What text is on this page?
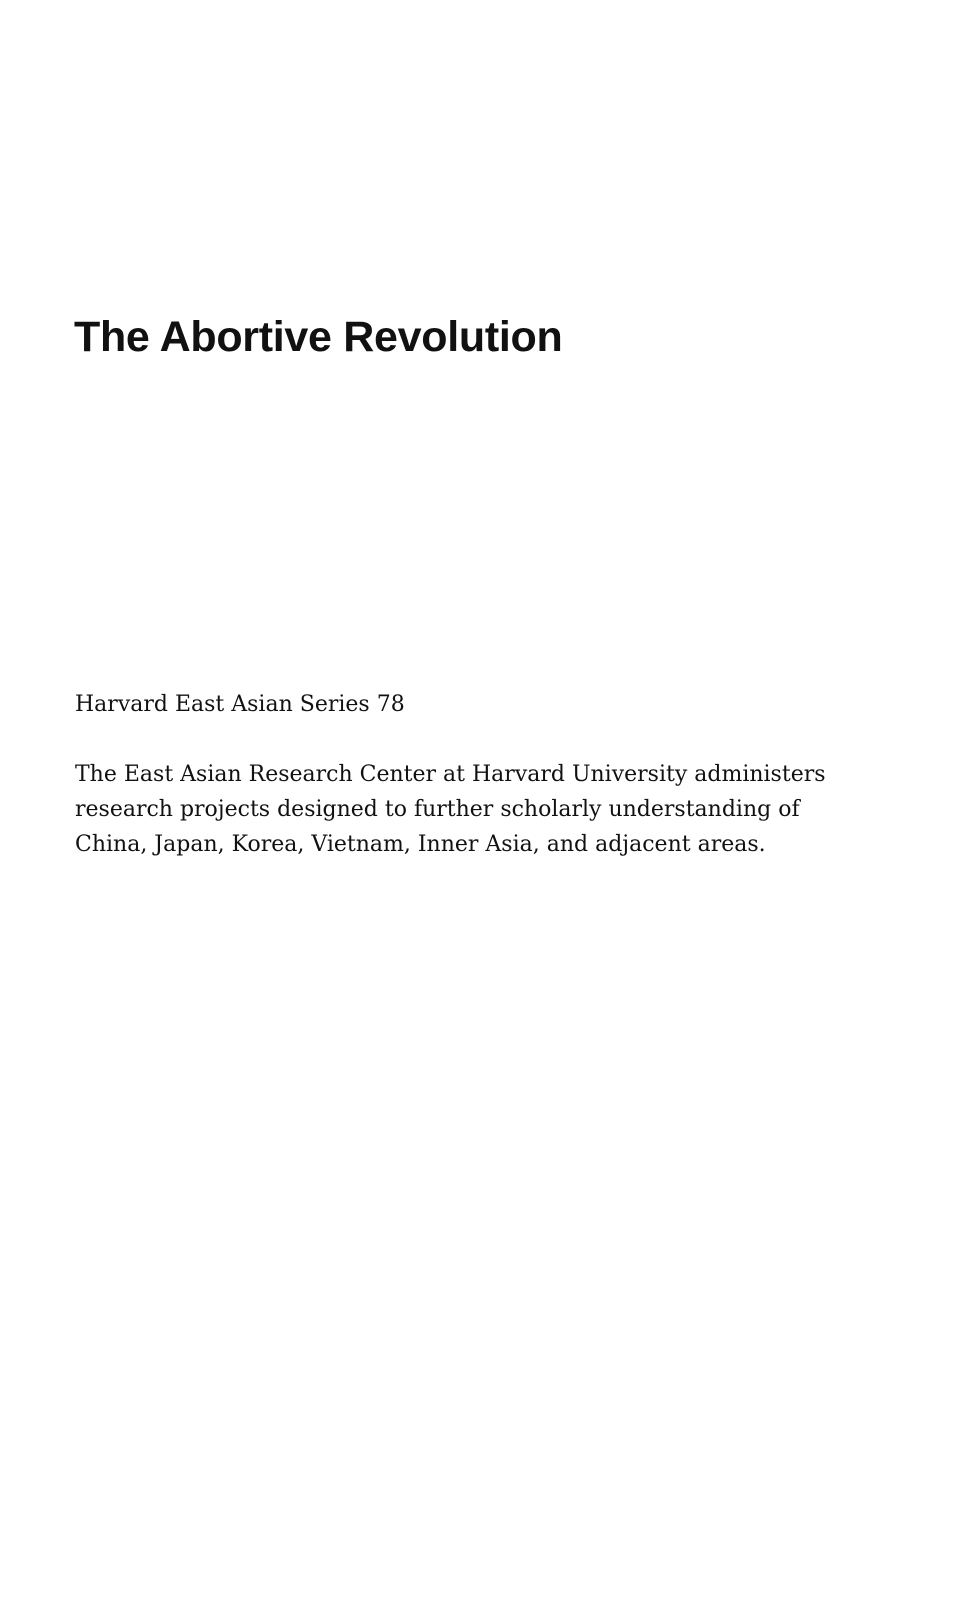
The Abortive Revolution

Harvard East Asian Series 78

The East Asian Research Center at Harvard University administers
research projects designed to further scholarly understanding of
China, Japan, Korea, Vietnam, Inner Asia, and adjacent areas.
